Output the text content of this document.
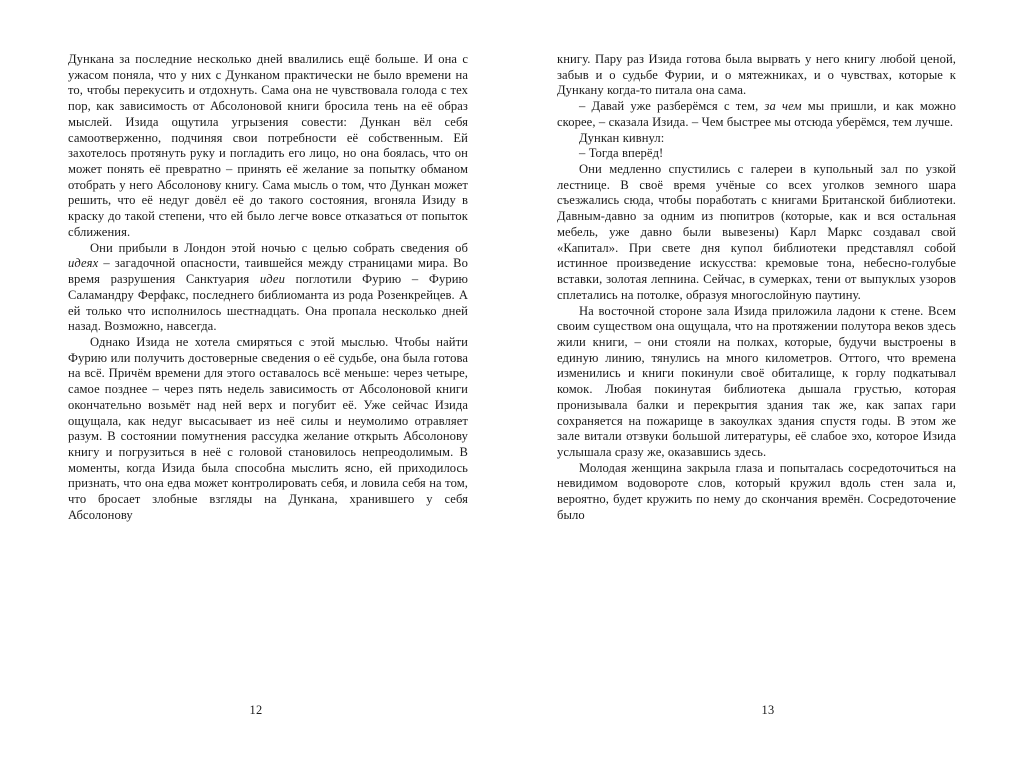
Дункана за последние несколько дней ввалились ещё больше. И она с ужасом поняла, что у них с Дунканом практически не было времени на то, чтобы перекусить и отдохнуть. Сама она не чувствовала голода с тех пор, как зависимость от Абсолоновой книги бросила тень на её образ мыслей. Изида ощутила угрызения совести: Дункан вёл себя самоотверженно, подчиняя свои потребности её собственным. Ей захотелось протянуть руку и погладить его лицо, но она боялась, что он может понять её превратно – принять её желание за попытку обманом отобрать у него Абсолонову книгу. Сама мысль о том, что Дункан может решить, что её недуг довёл её до такого состояния, вгоняла Изиду в краску до такой степени, что ей было легче вовсе отказаться от попыток сближения.

Они прибыли в Лондон этой ночью с целью собрать сведения об идеях – загадочной опасности, таившейся между страницами мира. Во время разрушения Санктуария идеи поглотили Фурию – Фурию Саламандру Ферфакс, последнего библиоманта из рода Розенкрейцев. А ей только что исполнилось шестнадцать. Она пропала несколько дней назад. Возможно, навсегда.

Однако Изида не хотела смиряться с этой мыслью. Чтобы найти Фурию или получить достоверные сведения о её судьбе, она была готова на всё. Причём времени для этого оставалось всё меньше: через четыре, самое позднее – через пять недель зависимость от Абсолоновой книги окончательно возьмёт над ней верх и погубит её. Уже сейчас Изида ощущала, как недуг высасывает из неё силы и неумолимо отравляет разум. В состоянии помутнения рассудка желание открыть Абсолонову книгу и погрузиться в неё с головой становилось непреодолимым. В моменты, когда Изида была способна мыслить ясно, ей приходилось признать, что она едва может контролировать себя, и ловила себя на том, что бросает злобные взгляды на Дункана, хранившего у себя Абсолонову

12

книгу. Пару раз Изида готова была вырвать у него книгу любой ценой, забыв и о судьбе Фурии, и о мятежниках, и о чувствах, которые к Дункану когда-то питала она сама.

– Давай уже разберёмся с тем, за чем мы пришли, и как можно скорее, – сказала Изида. – Чем быстрее мы отсюда уберёмся, тем лучше.

Дункан кивнул:

– Тогда вперёд!

Они медленно спустились с галереи в купольный зал по узкой лестнице. В своё время учёные со всех уголков земного шара съезжались сюда, чтобы поработать с книгами Британской библиотеки. Давным-давно за одним из пюпитров (которые, как и вся остальная мебель, уже давно были вывезены) Карл Маркс создавал свой «Капитал». При свете дня купол библиотеки представлял собой истинное произведение искусства: кремовые тона, небесно-голубые вставки, золотая лепнина. Сейчас, в сумерках, тени от выпуклых узоров сплетались на потолке, образуя многослойную паутину.

На восточной стороне зала Изида приложила ладони к стене. Всем своим существом она ощущала, что на протяжении полутора веков здесь жили книги, – они стояли на полках, которые, будучи выстроены в единую линию, тянулись на много километров. Оттого, что времена изменились и книги покинули своё обиталище, к горлу подкатывал комок. Любая покинутая библиотека дышала грустью, которая пронизывала балки и перекрытия здания так же, как запах гари сохраняется на пожарище в закоулках здания спустя годы. В этом же зале витали отзвуки большой литературы, её слабое эхо, которое Изида услышала сразу же, оказавшись здесь.

Молодая женщина закрыла глаза и попыталась сосредоточиться на невидимом водовороте слов, который кружил вдоль стен зала и, вероятно, будет кружить по нему до скончания времён. Сосредоточение было

13
